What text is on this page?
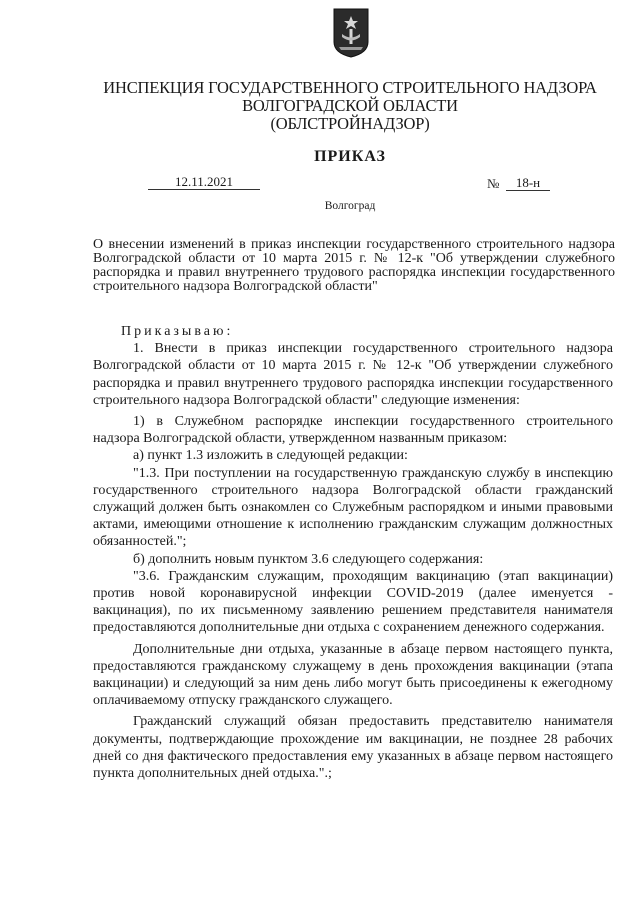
ИНСПЕКЦИЯ ГОСУДАРСТВЕННОГО СТРОИТЕЛЬНОГО НАДЗОРА
ВОЛГОГРАДСКОЙ ОБЛАСТИ
(ОБЛСТРОЙНАДЗОР)
ПРИКАЗ
12.11.2021	№	18-н
Волгоград
О внесении изменений в приказ инспекции государственного строительного надзора Волгоградской области от 10 марта 2015 г. № 12-к "Об утверждении служебного распорядка и правил внутреннего трудового распорядка инспекции государственного строительного надзора Волгоградской области"

Приказываю:

1. Внести в приказ инспекции государственного строительного надзора Волгоградской области от 10 марта 2015 г. № 12-к "Об утверждении служебного распорядка и правил внутреннего трудового распорядка инспекции государственного строительного надзора Волгоградской области" следующие изменения:

1) в Служебном распорядке инспекции государственного строительного надзора Волгоградской области, утвержденном названным приказом:

а) пункт 1.3 изложить в следующей редакции:

"1.3. При поступлении на государственную гражданскую службу в инспекцию государственного строительного надзора Волгоградской области гражданский служащий должен быть ознакомлен со Служебным распорядком и иными правовыми актами, имеющими отношение к исполнению гражданским служащим должностных обязанностей.";

б) дополнить новым пунктом 3.6 следующего содержания:

"3.6. Гражданским служащим, проходящим вакцинацию (этап вакцинации) против новой коронавирусной инфекции COVID-2019 (далее именуется - вакцинация), по их письменному заявлению решением представителя нанимателя предоставляются дополнительные дни отдыха с сохранением денежного содержания.

Дополнительные дни отдыха, указанные в абзаце первом настоящего пункта, предоставляются гражданскому служащему в день прохождения вакцинации (этапа вакцинации) и следующий за ним день либо могут быть присоединены к ежегодному оплачиваемому отпуску гражданского служащего.

Гражданский служащий обязан предоставить представителю нанимателя документы, подтверждающие прохождение им вакцинации, не позднее 28 рабочих дней со дня фактического предоставления ему указанных в абзаце первом настоящего пункта дополнительных дней отдыха.".;
